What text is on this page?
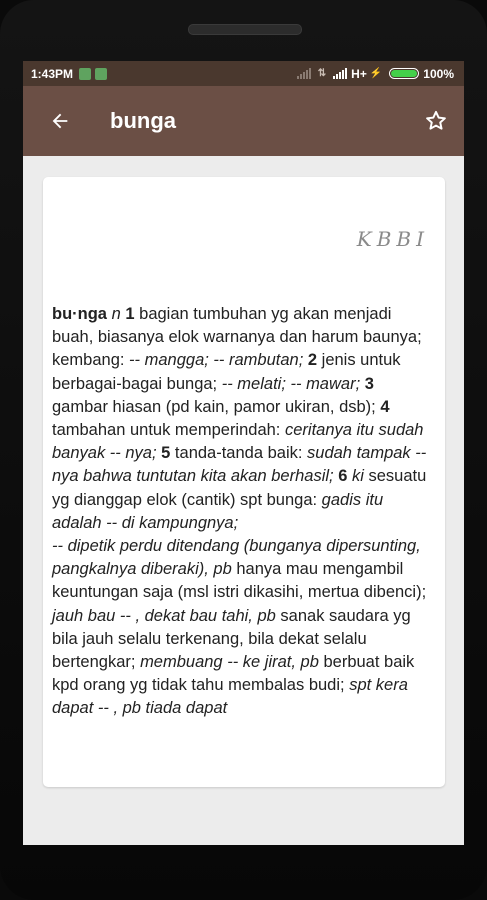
1:43PM	⇅ H+ ⚡	100%
bunga
KBBI
bu·nga n 1 bagian tumbuhan yg akan menjadi buah, biasanya elok warnanya dan harum baunya; kembang: -- mangga; -- rambutan; 2 jenis untuk berbagai-bagai bunga; -- melati; -- mawar; 3 gambar hiasan (pd kain, pamor ukiran, dsb); 4 tambahan untuk memperindah: ceritanya itu sudah banyak -- nya; 5 tanda-tanda baik: sudah tampak -- nya bahwa tuntutan kita akan berhasil; 6 ki sesuatu yg dianggap elok (cantik) spt bunga: gadis itu adalah -- di kampungnya;
-- dipetik perdu ditendang (bunganya dipersunting, pangkalnya diberaki), pb hanya mau mengambil keuntungan saja (msl istri dikasihi, mertua dibenci); jauh bau -- , dekat bau tahi, pb sanak saudara yg bila jauh selalu terkenang, bila dekat selalu bertengkar; membuang -- ke jirat, pb berbuat baik kpd orang yg tidak tahu membalas budi; spt kera dapat -- , pb tiada dapat
